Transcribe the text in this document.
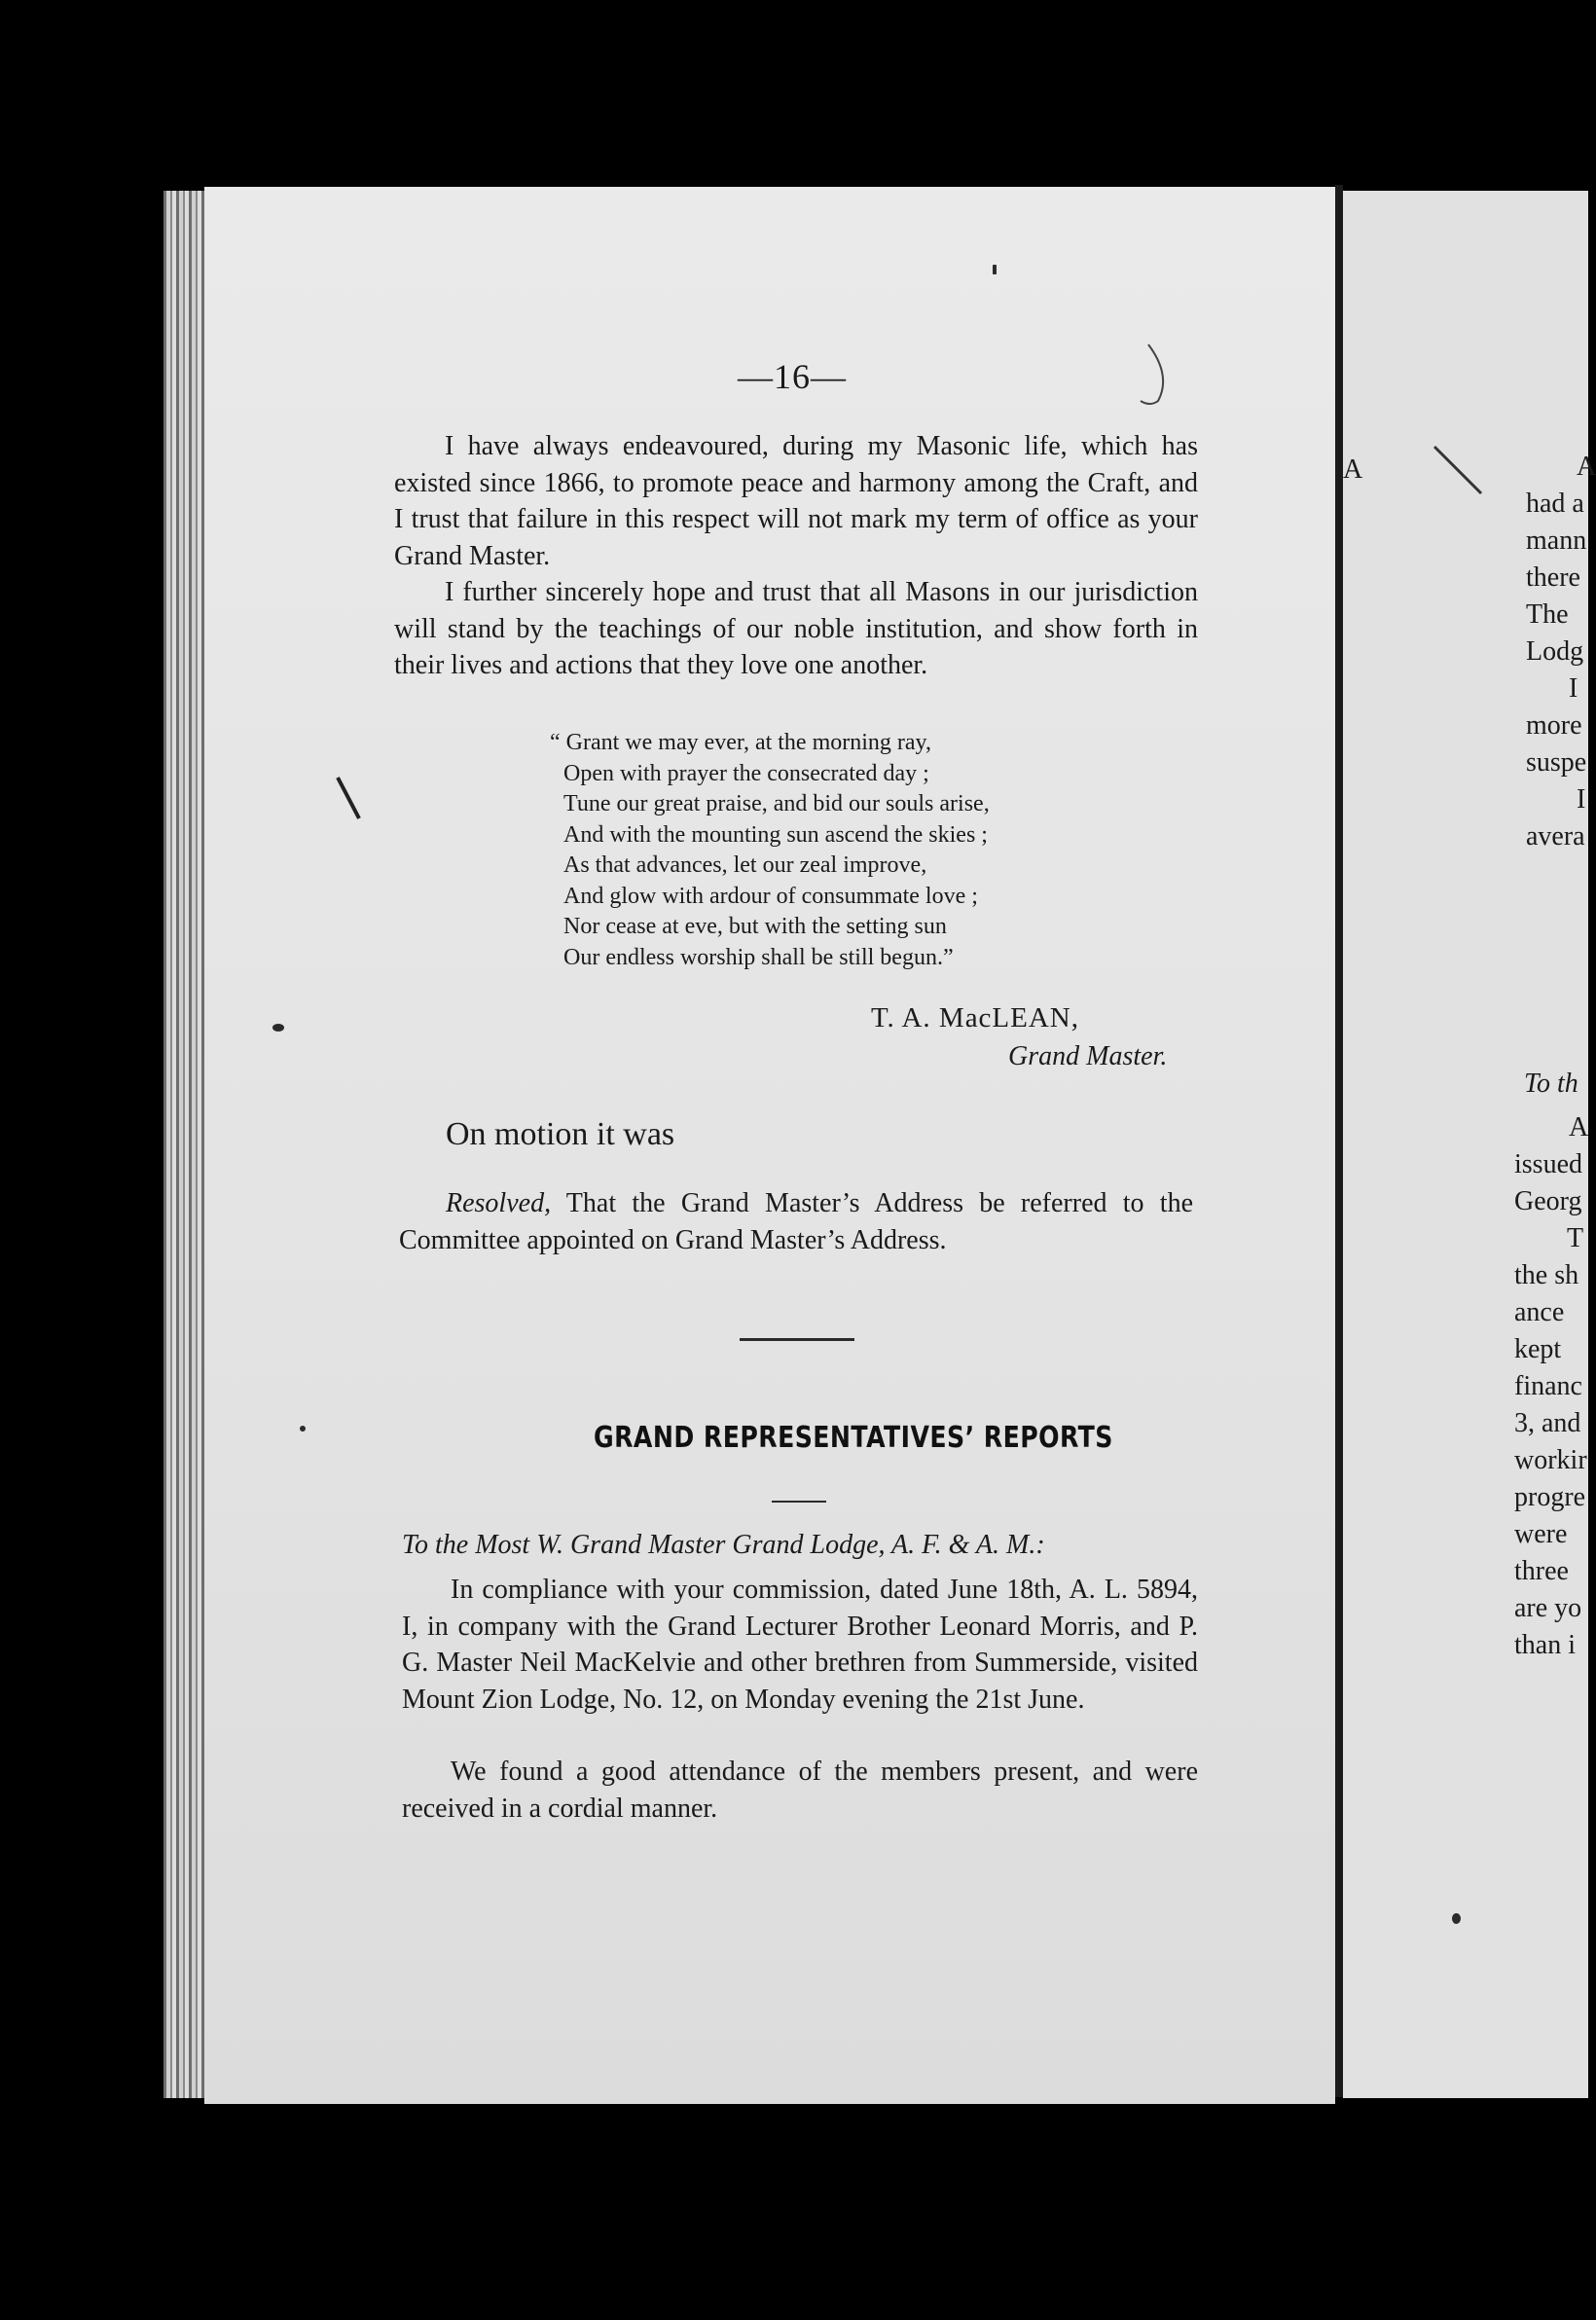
—16—
I have always endeavoured, during my Masonic life, which has existed since 1866, to promote peace and harmony among the Craft, and I trust that failure in this respect will not mark my term of office as your Grand Master.
I further sincerely hope and trust that all Masons in our jurisdiction will stand by the teachings of our noble institution, and show forth in their lives and actions that they love one another.
“ Grant we may ever, at the morning ray,
Open with prayer the consecrated day ;
Tune our great praise, and bid our souls arise,
And with the mounting sun ascend the skies ;
As that advances, let our zeal improve,
And glow with ardour of consummate love ;
Nor cease at eve, but with the setting sun
Our endless worship shall be still begun.”
T. A. MacLEAN,
Grand Master.
On motion it was
Resolved, That the Grand Master’s Address be referred to the Committee appointed on Grand Master’s Address.
GRAND REPRESENTATIVES’ REPORTS
To the Most W. Grand Master Grand Lodge, A. F. & A. M.:
In compliance with your commission, dated June 18th, A. L. 5894, I, in company with the Grand Lecturer Brother Leonard Morris, and P. G. Master Neil MacKelvie and other brethren from Summerside, visited Mount Zion Lodge, No. 12, on Monday evening the 21st June.
We found a good attendance of the members present, and were received in a cordial manner.
A	A
had a
mann
there
The
Lodg
I
more
suspe
I
avera
To th
A
issued
Georg
T
the sh
ance
kept
financ
3, and
workir
progre
were
three
are yo
than i
